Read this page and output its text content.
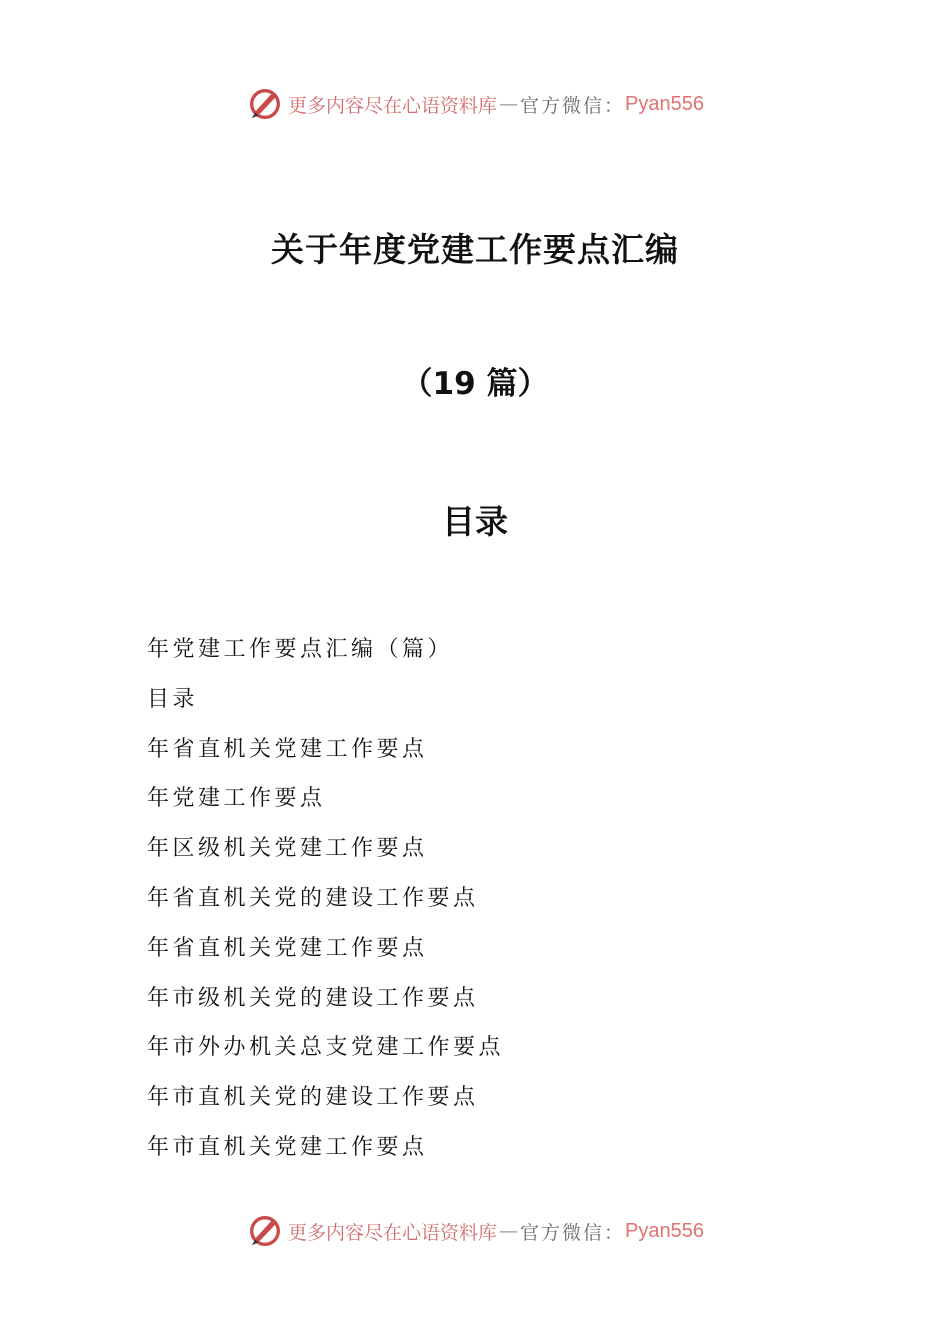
更多内容尽在心语资料库 — 官方微信： Pyan556
关于年度党建工作要点汇编
（19 篇）
目录
年党建工作要点汇编（篇）
目录
年省直机关党建工作要点
年党建工作要点
年区级机关党建工作要点
年省直机关党的建设工作要点
年省直机关党建工作要点
年市级机关党的建设工作要点
年市外办机关总支党建工作要点
年市直机关党的建设工作要点
年市直机关党建工作要点
更多内容尽在心语资料库 — 官方微信： Pyan556
